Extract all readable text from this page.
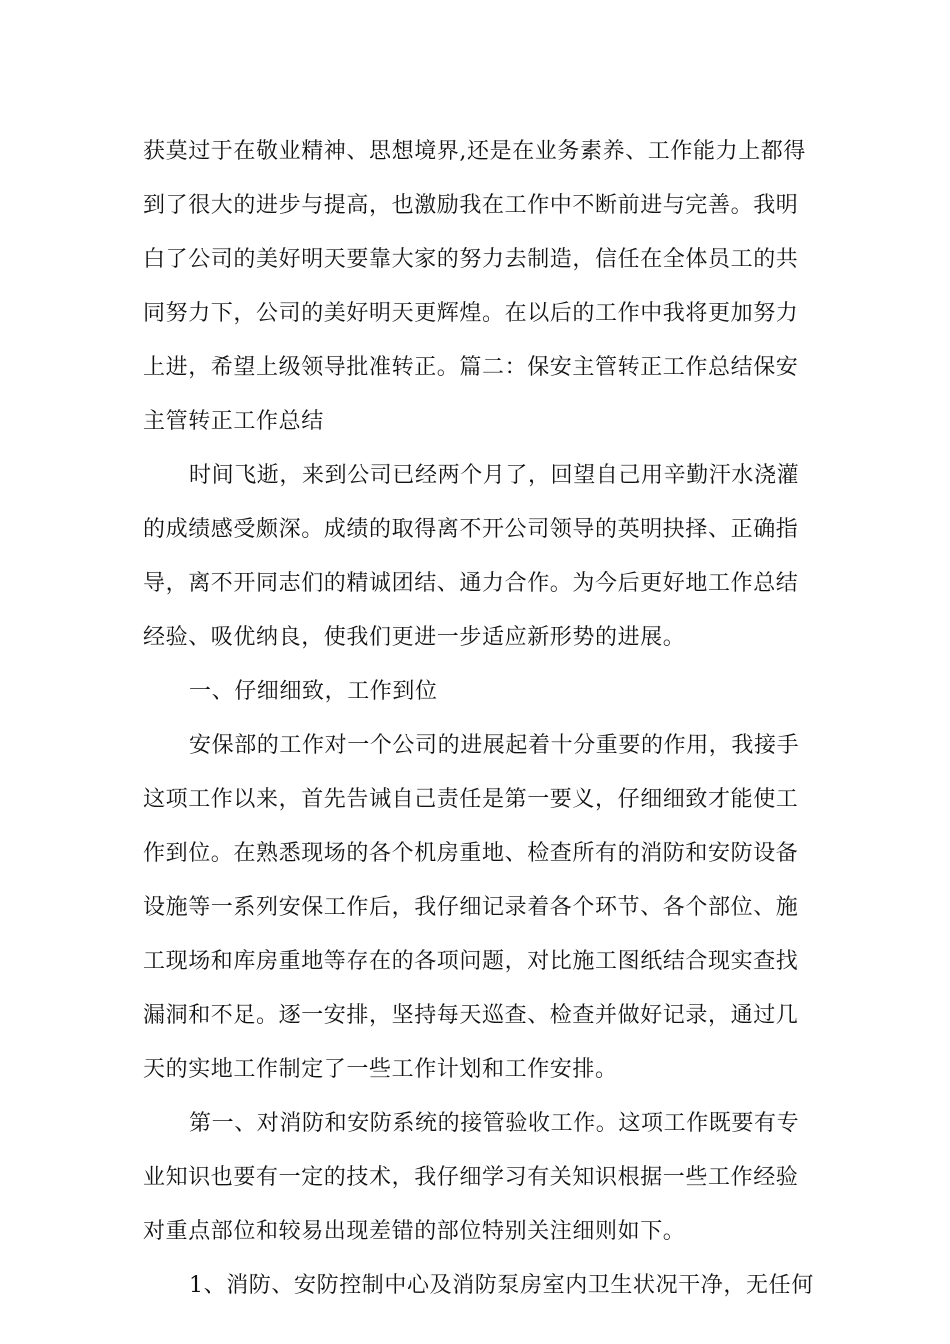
获莫过于在敬业精神、思想境界,还是在业务素养、工作能力上都得
到了很大的进步与提高，也激励我在工作中不断前进与完善。我明
白了公司的美好明天要靠大家的努力去制造，信任在全体员工的共
同努力下，公司的美好明天更辉煌。在以后的工作中我将更加努力
上进，希望上级领导批准转正。篇二：保安主管转正工作总结保安
主管转正工作总结
时间飞逝，来到公司已经两个月了，回望自己用辛勤汗水浇灌
的成绩感受颇深。成绩的取得离不开公司领导的英明抉择、正确指
导，离不开同志们的精诚团结、通力合作。为今后更好地工作总结
经验、吸优纳良，使我们更进一步适应新形势的进展。
一、仔细细致，工作到位
安保部的工作对一个公司的进展起着十分重要的作用，我接手
这项工作以来，首先告诫自己责任是第一要义，仔细细致才能使工
作到位。在熟悉现场的各个机房重地、检查所有的消防和安防设备
设施等一系列安保工作后，我仔细记录着各个环节、各个部位、施
工现场和库房重地等存在的各项问题，对比施工图纸结合现实查找
漏洞和不足。逐一安排，坚持每天巡查、检查并做好记录，通过几
天的实地工作制定了一些工作计划和工作安排。
第一、对消防和安防系统的接管验收工作。这项工作既要有专
业知识也要有一定的技术，我仔细学习有关知识根据一些工作经验
对重点部位和较易出现差错的部位特别关注细则如下。
1、消防、安防控制中心及消防泵房室内卫生状况干净，无任何
